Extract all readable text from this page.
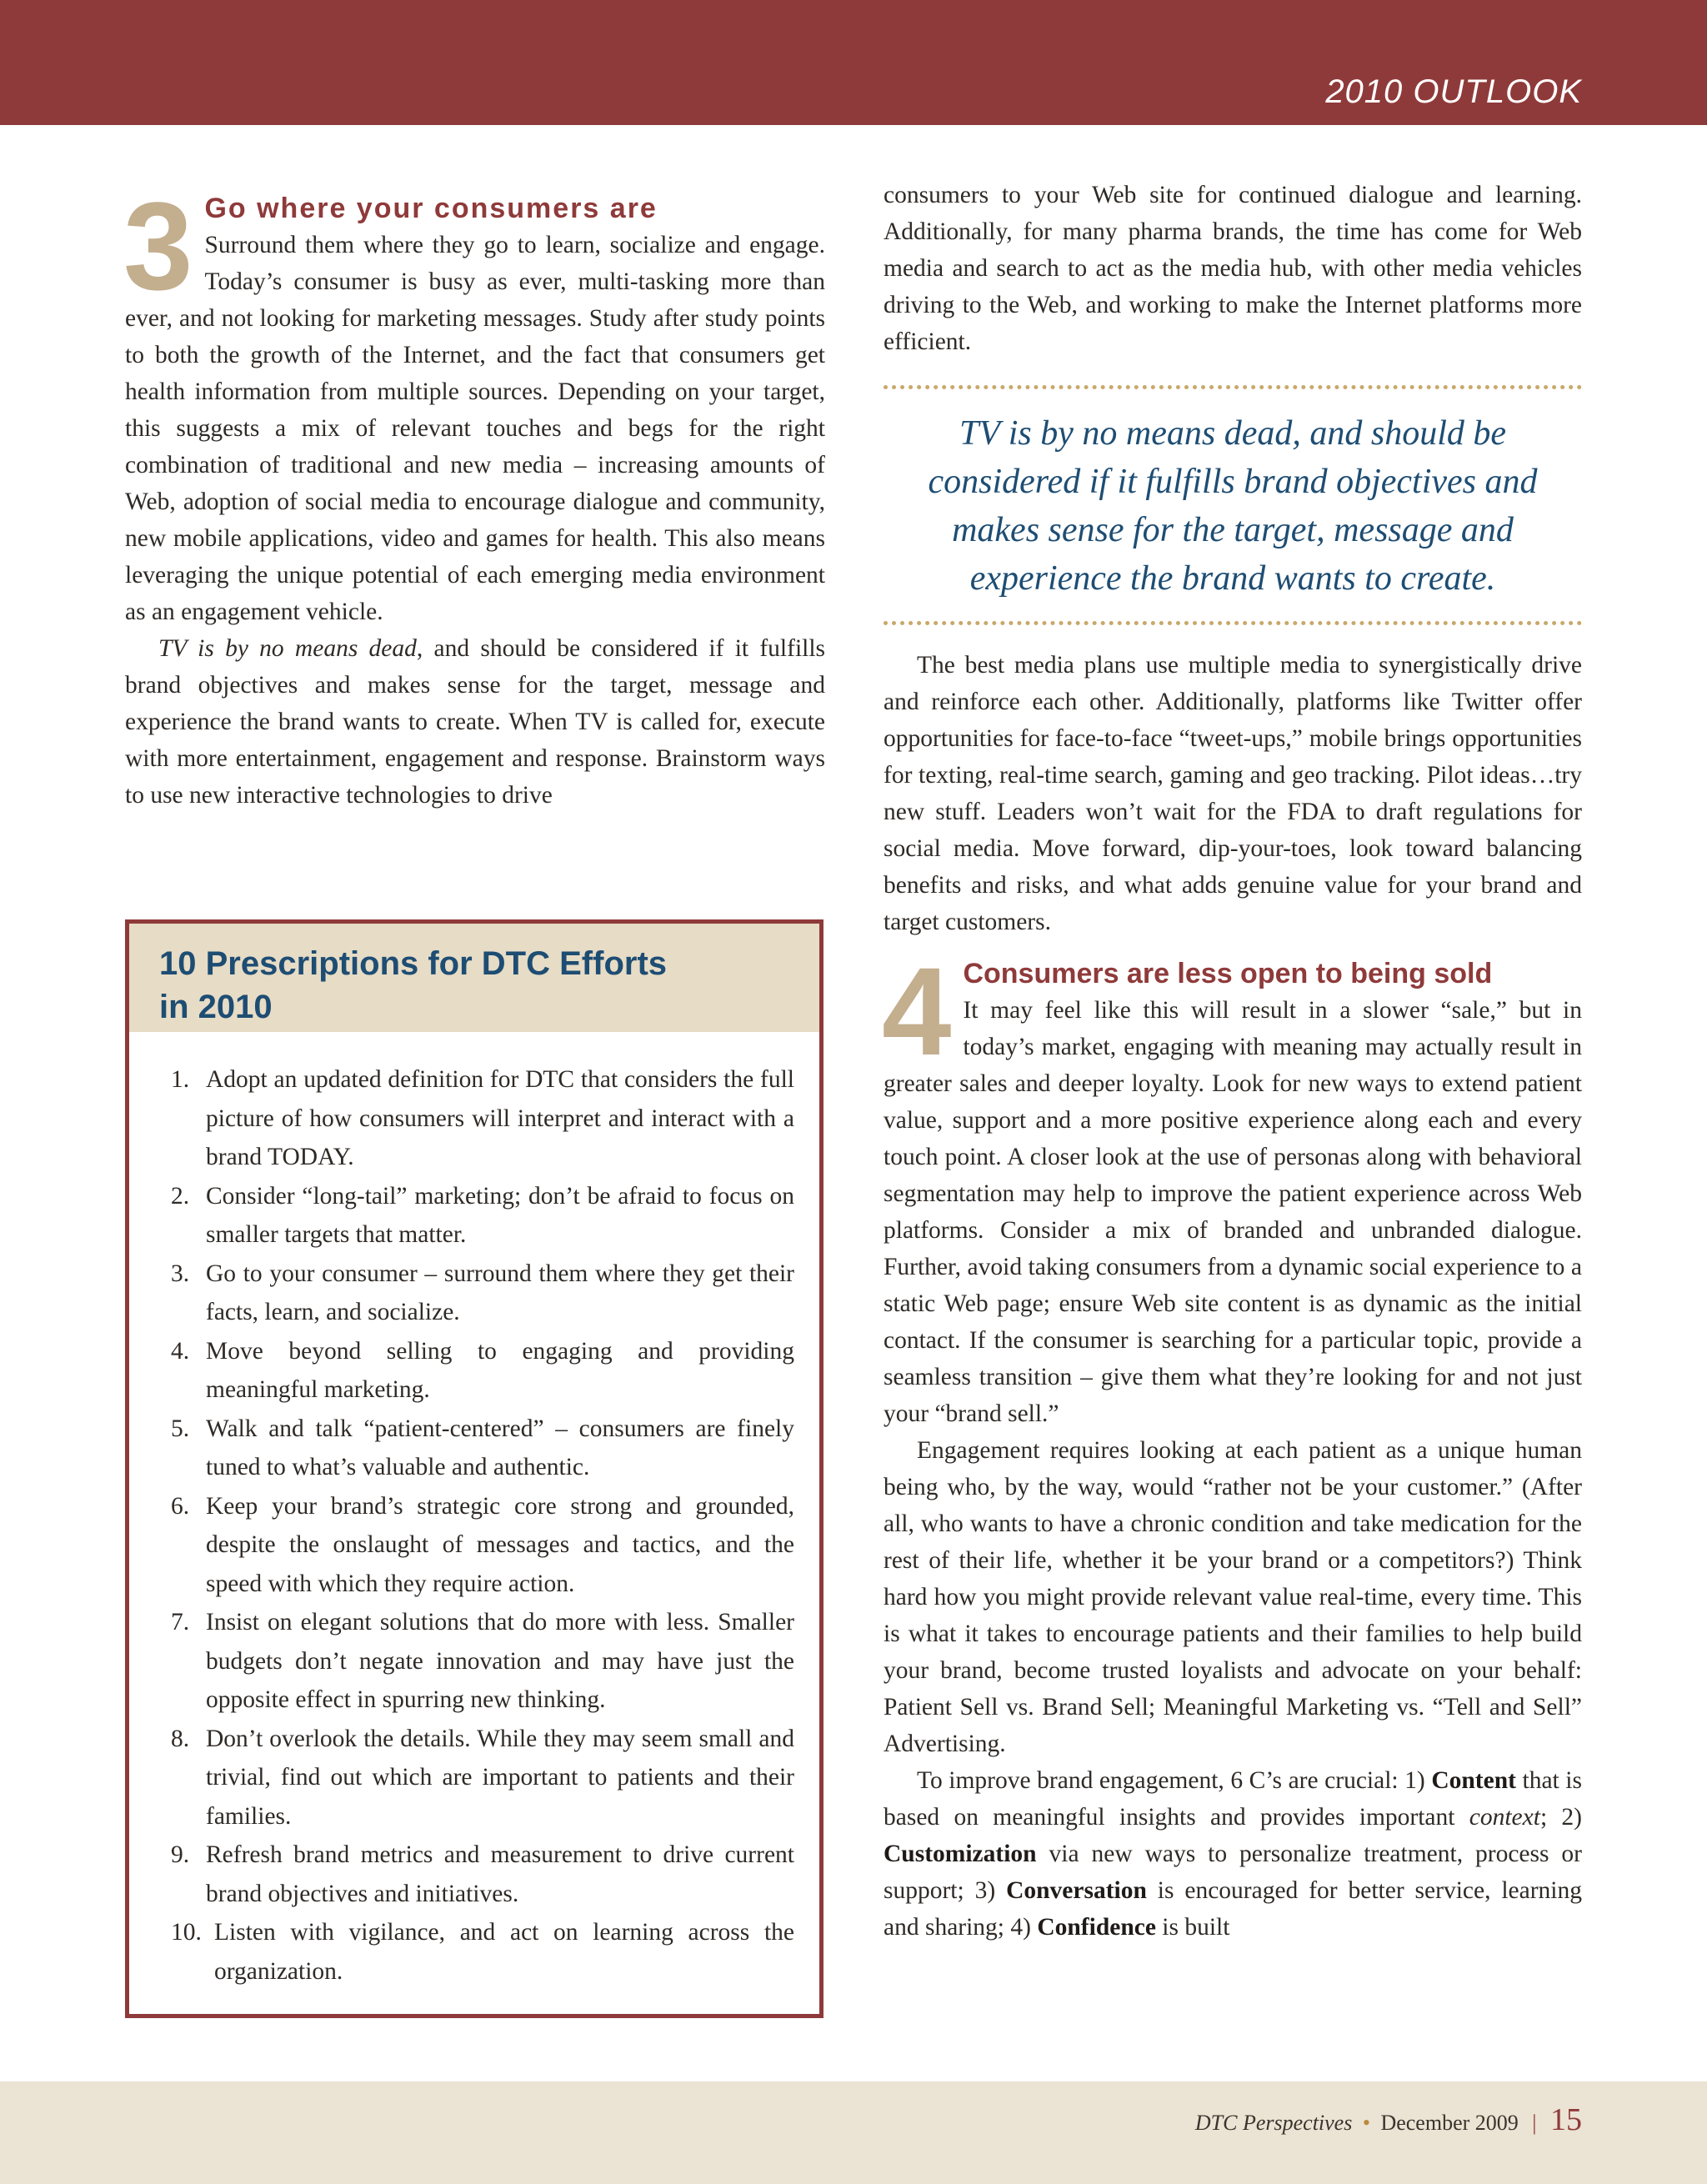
2010 OUTLOOK
3 Go where your consumers are

Surround them where they go to learn, socialize and engage. Today’s consumer is busy as ever, multi-tasking more than ever, and not looking for marketing messages. Study after study points to both the growth of the Internet, and the fact that consumers get health information from multiple sources. Depending on your target, this suggests a mix of relevant touches and begs for the right combination of traditional and new media – increasing amounts of Web, adoption of social media to encourage dialogue and community, new mobile applications, video and games for health. This also means leveraging the unique potential of each emerging media environment as an engagement vehicle.

TV is by no means dead, and should be considered if it fulfills brand objectives and makes sense for the target, message and experience the brand wants to create. When TV is called for, execute with more entertainment, engagement and response. Brainstorm ways to use new interactive technologies to drive

10 Prescriptions for DTC Efforts
in 2010
1. Adopt an updated definition for DTC that considers the full picture of how consumers will interpret and interact with a brand TODAY.
2. Consider “long-tail” marketing; don’t be afraid to focus on smaller targets that matter.
3. Go to your consumer – surround them where they get their facts, learn, and socialize.
4. Move beyond selling to engaging and providing meaningful marketing.
5. Walk and talk “patient-centered” – consumers are finely tuned to what’s valuable and authentic.
6. Keep your brand’s strategic core strong and grounded, despite the onslaught of messages and tactics, and the speed with which they require action.
7. Insist on elegant solutions that do more with less. Smaller budgets don’t negate innovation and may have just the opposite effect in spurring new thinking.
8. Don’t overlook the details. While they may seem small and trivial, find out which are important to patients and their families.
9. Refresh brand metrics and measurement to drive current brand objectives and initiatives.
10. Listen with vigilance, and act on learning across the organization.

consumers to your Web site for continued dialogue and learning. Additionally, for many pharma brands, the time has come for Web media and search to act as the media hub, with other media vehicles driving to the Web, and working to make the Internet platforms more efficient.

TV is by no means dead, and should be considered if it fulfills brand objectives and makes sense for the target, message and experience the brand wants to create.

The best media plans use multiple media to synergistically drive and reinforce each other. Additionally, platforms like Twitter offer opportunities for face-to-face “tweet-ups,” mobile brings opportunities for texting, real-time search, gaming and geo tracking. Pilot ideas…try new stuff. Leaders won’t wait for the FDA to draft regulations for social media. Move forward, dip-your-toes, look toward balancing benefits and risks, and what adds genuine value for your brand and target customers.

4 Consumers are less open to being sold

It may feel like this will result in a slower “sale,” but in today’s market, engaging with meaning may actually result in greater sales and deeper loyalty. Look for new ways to extend patient value, support and a more positive experience along each and every touch point. A closer look at the use of personas along with behavioral segmentation may help to improve the patient experience across Web platforms. Consider a mix of branded and unbranded dialogue. Further, avoid taking consumers from a dynamic social experience to a static Web page; ensure Web site content is as dynamic as the initial contact. If the consumer is searching for a particular topic, provide a seamless transition – give them what they’re looking for and not just your “brand sell.”

Engagement requires looking at each patient as a unique human being who, by the way, would “rather not be your customer.” (After all, who wants to have a chronic condition and take medication for the rest of their life, whether it be your brand or a competitors?) Think hard how you might provide relevant value real-time, every time. This is what it takes to encourage patients and their families to help build your brand, become trusted loyalists and advocate on your behalf: Patient Sell vs. Brand Sell; Meaningful Marketing vs. “Tell and Sell” Advertising.

To improve brand engagement, 6 C’s are crucial: 1) Content that is based on meaningful insights and provides important context; 2) Customization via new ways to personalize treatment, process or support; 3) Conversation is encouraged for better service, learning and sharing; 4) Confidence is built

DTC Perspectives • December 2009 | 15
